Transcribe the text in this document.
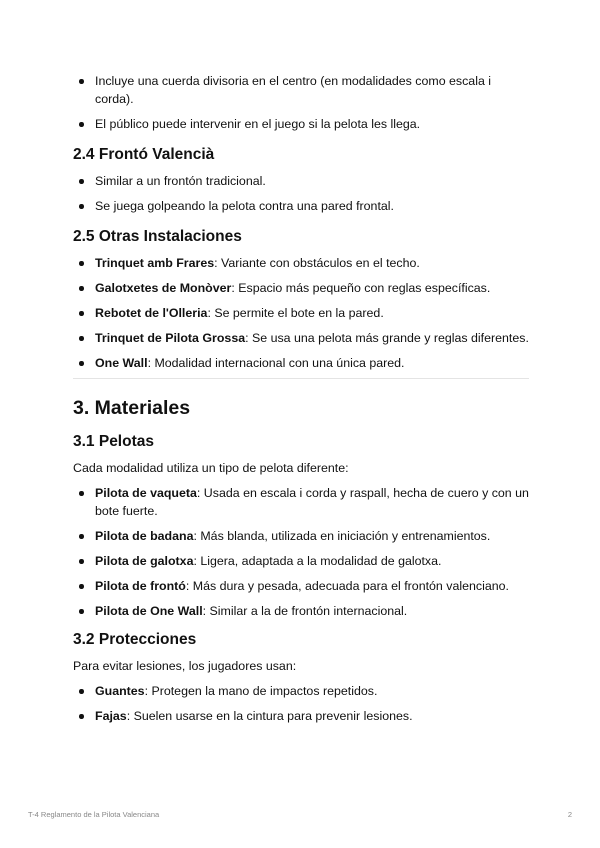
Incluye una cuerda divisoria en el centro (en modalidades como escala i corda).
El público puede intervenir en el juego si la pelota les llega.
2.4 Frontó Valencià
Similar a un frontón tradicional.
Se juega golpeando la pelota contra una pared frontal.
2.5 Otras Instalaciones
Trinquet amb Frares: Variante con obstáculos en el techo.
Galotxetes de Monòver: Espacio más pequeño con reglas específicas.
Rebotet de l'Olleria: Se permite el bote en la pared.
Trinquet de Pilota Grossa: Se usa una pelota más grande y reglas diferentes.
One Wall: Modalidad internacional con una única pared.
3. Materiales
3.1 Pelotas

Cada modalidad utiliza un tipo de pelota diferente:

Pilota de vaqueta: Usada en escala i corda y raspall, hecha de cuero y con un bote fuerte.
Pilota de badana: Más blanda, utilizada en iniciación y entrenamientos.
Pilota de galotxa: Ligera, adaptada a la modalidad de galotxa.
Pilota de frontó: Más dura y pesada, adecuada para el frontón valenciano.
Pilota de One Wall: Similar a la de frontón internacional.
3.2 Protecciones

Para evitar lesiones, los jugadores usan:

Guantes: Protegen la mano de impactos repetidos.
Fajas: Suelen usarse en la cintura para prevenir lesiones.
T-4 Reglamento de la Pilota Valenciana	2
